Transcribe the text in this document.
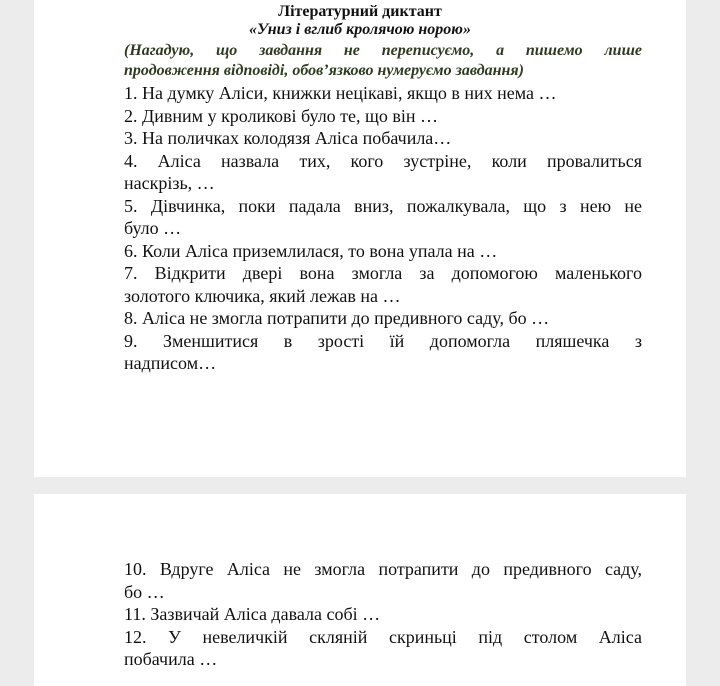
Літературний диктант
«Униз і вглиб кролячою норою»
(Нагадую, що завдання не переписуємо, а пишемо лише
продовження відповіді, обов’язково нумеруємо завдання)
1. На думку Аліси, книжки нецікаві, якщо в них нема …
2. Дивним у кроликові було те, що він …
3. На поличках колодязя Аліса побачила…
4. Аліса назвала тих, кого зустріне, коли провалиться
наскрізь, …
5. Дівчинка, поки падала вниз, пожалкувала, що з нею не
було …
6. Коли Аліса приземлилася, то вона упала на …
7. Відкрити двері вона змогла за допомогою маленького
золотого ключика, який лежав на …
8. Аліса не змогла потрапити до предивного саду, бо …
9. Зменшитися в зрості їй допомогла пляшечка з
надписом…
10. Вдруге Аліса не змогла потрапити до предивного саду,
бо …
11. Зазвичай Аліса давала собі …
12. У невеличкій скляній скриньці під столом Аліса
побачила …
